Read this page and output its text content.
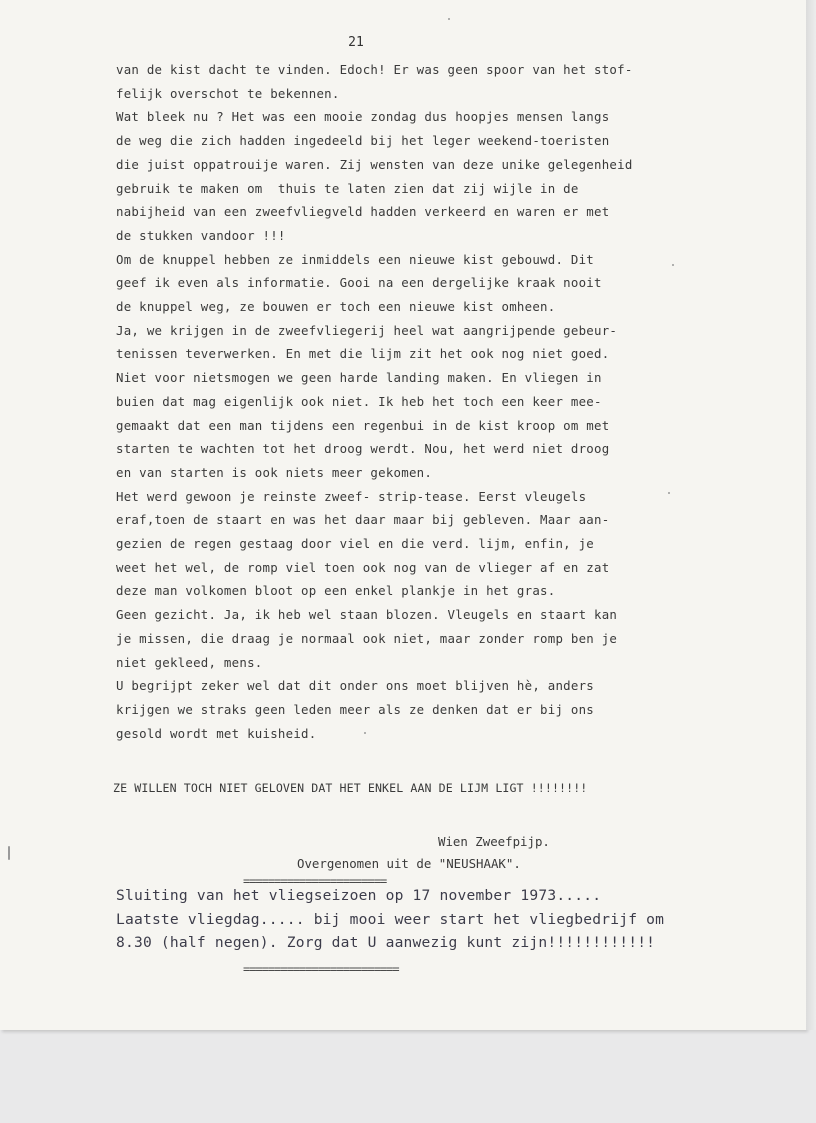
21
van de kist dacht te vinden. Edoch! Er was geen spoor van het stof-
felijk overschot te bekennen.
Wat bleek nu ? Het was een mooie zondag dus hoopjes mensen langs
de weg die zich hadden ingedeeld bij het leger weekend-toeristen
die juist oppatrouije waren. Zij wensten van deze unike gelegenheid
gebruik te maken om  thuis te laten zien dat zij wijle in de
nabijheid van een zweefvliegveld hadden verkeerd en waren er met
de stukken vandoor !!!
Om de knuppel hebben ze inmiddels een nieuwe kist gebouwd. Dit
geef ik even als informatie. Gooi na een dergelijke kraak nooit
de knuppel weg, ze bouwen er toch een nieuwe kist omheen.
Ja, we krijgen in de zweefvliegerij heel wat aangrijpende gebeur-
tenissen teverwerken. En met die lijm zit het ook nog niet goed.
Niet voor nietsmogen we geen harde landing maken. En vliegen in
buien dat mag eigenlijk ook niet. Ik heb het toch een keer mee-
gemaakt dat een man tijdens een regenbui in de kist kroop om met
starten te wachten tot het droog werdt. Nou, het werd niet droog
en van starten is ook niets meer gekomen.
Het werd gewoon je reinste zweef- strip-tease. Eerst vleugels
eraf,toen de staart en was het daar maar bij gebleven. Maar aan-
gezien de regen gestaag door viel en die verd. lijm, enfin, je
weet het wel, de romp viel toen ook nog van de vlieger af en zat
deze man volkomen bloot op een enkel plankje in het gras.
Geen gezicht. Ja, ik heb wel staan blozen. Vleugels en staart kan
je missen, die draag je normaal ook niet, maar zonder romp ben je
niet gekleed, mens.
U begrijpt zeker wel dat dit onder ons moet blijven hè, anders
krijgen we straks geen leden meer als ze denken dat er bij ons
gesold wordt met kuisheid.
ZE WILLEN TOCH NIET GELOVEN DAT HET ENKEL AAN DE LIJM LIGT !!!!!!!!
Wien Zweefpijp.
Overgenomen uit de "NEUSHAAK".
=======================
Sluiting van het vliegseizoen op 17 november 1973.....
Laatste vliegdag..... bij mooi weer start het vliegbedrijf om
8.30 (half negen). Zorg dat U aanwezig kunt zijn!!!!!!!!!!!!
=========================
